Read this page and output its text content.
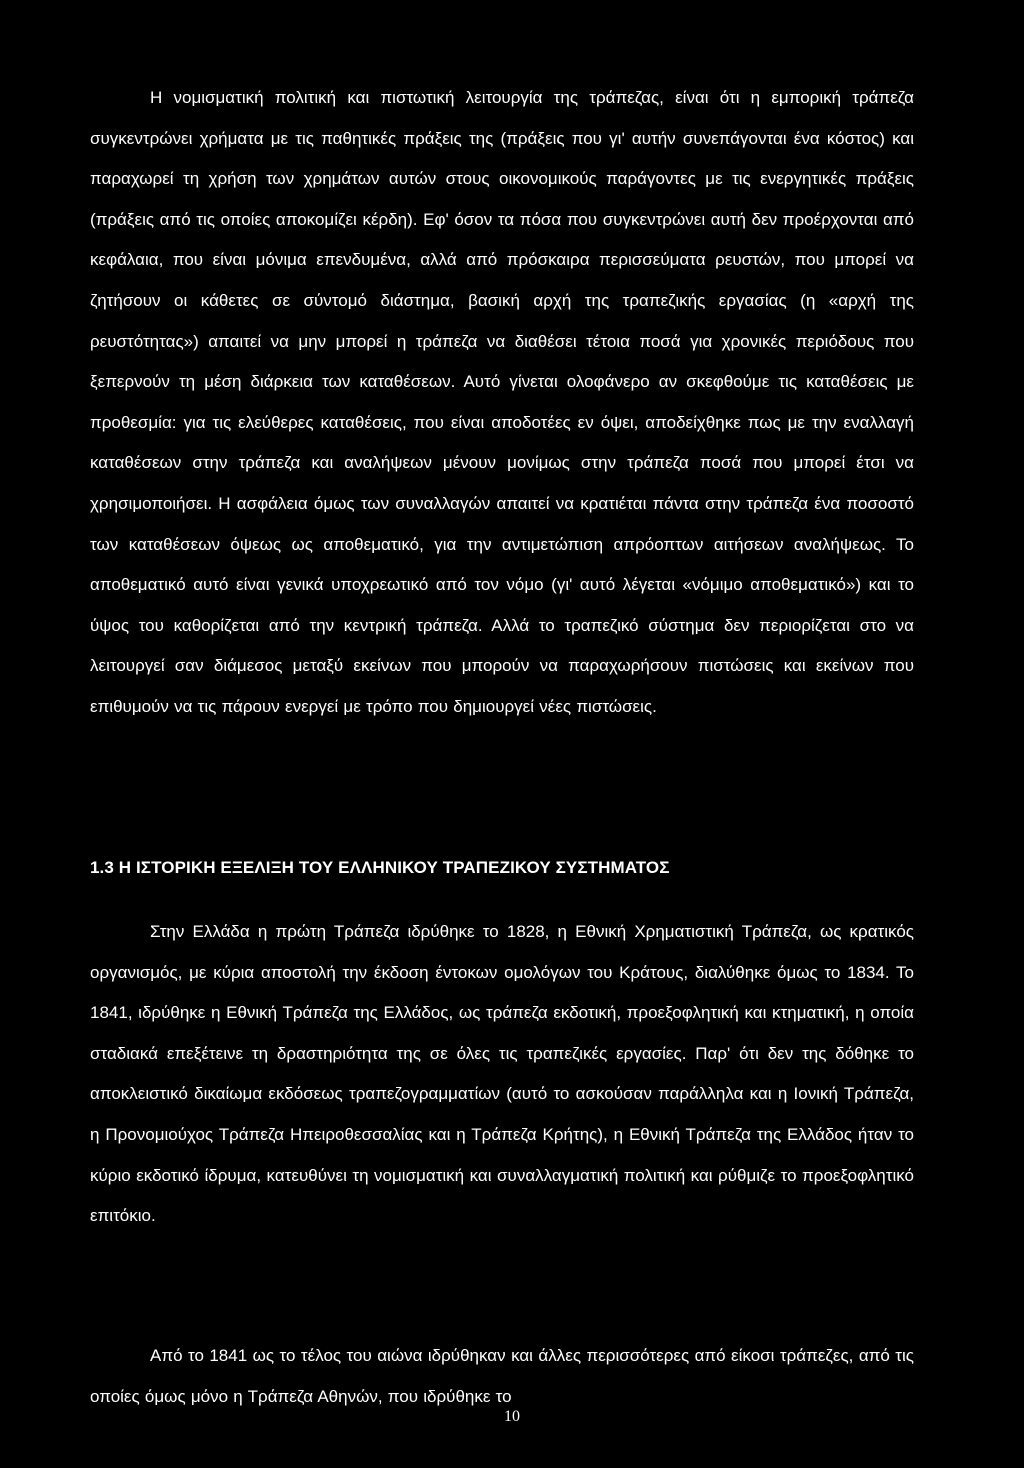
Η νομισματική πολιτική και πιστωτική λειτουργία της τράπεζας, είναι ότι η εμπορική τράπεζα συγκεντρώνει χρήματα με τις παθητικές πράξεις της (πράξεις που γι' αυτήν συνεπάγονται ένα κόστος) και παραχωρεί τη χρήση των χρημάτων αυτών στους οικονομικούς παράγοντες με τις ενεργητικές πράξεις (πράξεις από τις οποίες αποκομίζει κέρδη). Εφ' όσον τα πόσα που συγκεντρώνει αυτή δεν προέρχονται από κεφάλαια, που είναι μόνιμα επενδυμένα, αλλά από πρόσκαιρα περισσεύματα ρευστών, που μπορεί να ζητήσουν οι κάθετες σε σύντομό διάστημα, βασική αρχή της τραπεζικής εργασίας (η «αρχή της ρευστότητας») απαιτεί να μην μπορεί η τράπεζα να διαθέσει τέτοια ποσά για χρονικές περιόδους που ξεπερνούν τη μέση διάρκεια των καταθέσεων. Αυτό γίνεται ολοφάνερο αν σκεφθούμε τις καταθέσεις με προθεσμία: για τις ελεύθερες καταθέσεις, που είναι αποδοτέες εν όψει, αποδείχθηκε πως με την εναλλαγή καταθέσεων στην τράπεζα και αναλήψεων μένουν μονίμως στην τράπεζα ποσά που μπορεί έτσι να χρησιμοποιήσει. Η ασφάλεια όμως των συναλλαγών απαιτεί να κρατιέται πάντα στην τράπεζα ένα ποσοστό των καταθέσεων όψεως ως αποθεματικό, για την αντιμετώπιση απρόοπτων αιτήσεων αναλήψεως. Το αποθεματικό αυτό είναι γενικά υποχρεωτικό από τον νόμο (γι' αυτό λέγεται «νόμιμο αποθεματικό») και το ύψος του καθορίζεται από την κεντρική τράπεζα. Αλλά το τραπεζικό σύστημα δεν περιορίζεται στο να λειτουργεί σαν διάμεσος μεταξύ εκείνων που μπορούν να παραχωρήσουν πιστώσεις και εκείνων που επιθυμούν να τις πάρουν ενεργεί με τρόπο που δημιουργεί νέες πιστώσεις.

1.3 Η ΙΣΤΟΡΙΚΗ ΕΞΕΛΙΞΗ ΤΟΥ ΕΛΛΗΝΙΚΟΥ ΤΡΑΠΕΖΙΚΟΥ ΣΥΣΤΗΜΑΤΟΣ

Στην Ελλάδα η πρώτη Τράπεζα ιδρύθηκε το 1828, η Εθνική Χρηματιστική Τράπεζα, ως κρατικός οργανισμός, με κύρια αποστολή την έκδοση έντοκων ομολόγων του Κράτους, διαλύθηκε όμως το 1834. Το 1841, ιδρύθηκε η Εθνική Τράπεζα της Ελλάδος, ως τράπεζα εκδοτική, προεξοφλητική και κτηματική, η οποία σταδιακά επεξέτεινε τη δραστηριότητα της σε όλες τις τραπεζικές εργασίες. Παρ' ότι δεν της δόθηκε το αποκλειστικό δικαίωμα εκδόσεως τραπεζογραμματίων (αυτό το ασκούσαν παράλληλα και η Ιονική Τράπεζα, η Προνομιούχος Τράπεζα Ηπειροθεσσαλίας και η Τράπεζα Κρήτης), η Εθνική Τράπεζα της Ελλάδος ήταν το κύριο εκδοτικό ίδρυμα, κατευθύνει τη νομισματική και συναλλαγματική πολιτική και ρύθμιζε το προεξοφλητικό επιτόκιο.

Από το 1841 ως το τέλος του αιώνα ιδρύθηκαν και άλλες περισσότερες από είκοσι τράπεζες, από τις οποίες όμως μόνο η Τράπεζα Αθηνών, που ιδρύθηκε το

10
